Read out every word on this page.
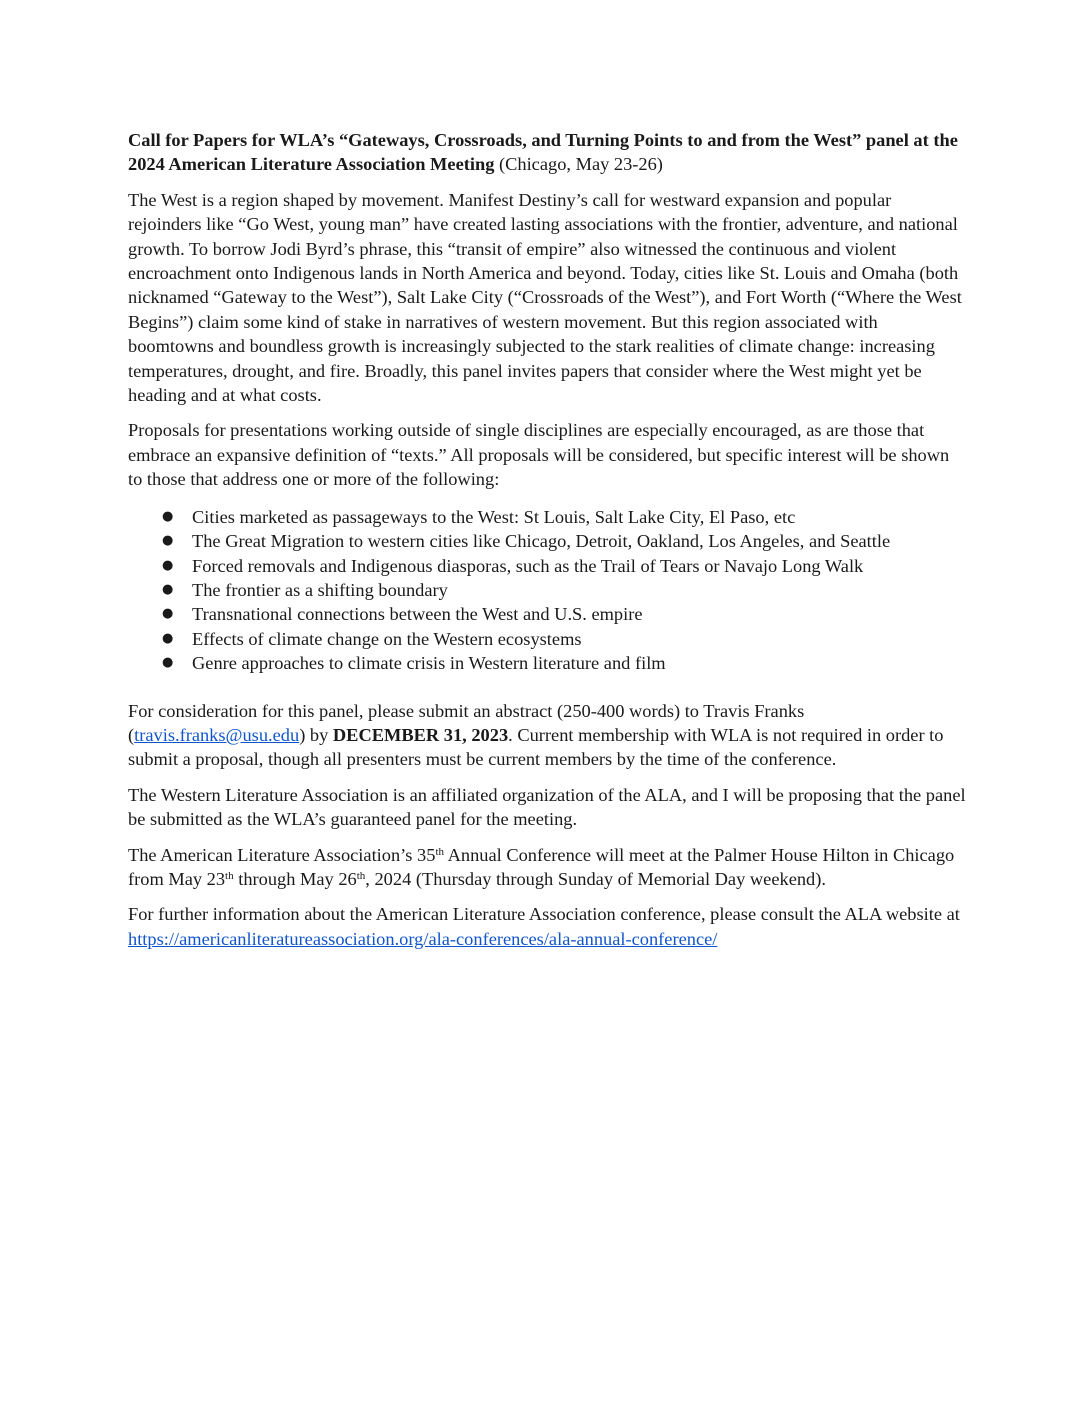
Call for Papers for WLA’s “Gateways, Crossroads, and Turning Points to and from the West” panel at the 2024 American Literature Association Meeting (Chicago, May 23-26)

The West is a region shaped by movement. Manifest Destiny’s call for westward expansion and popular rejoinders like “Go West, young man” have created lasting associations with the frontier, adventure, and national growth. To borrow Jodi Byrd’s phrase, this “transit of empire” also witnessed the continuous and violent encroachment onto Indigenous lands in North America and beyond. Today, cities like St. Louis and Omaha (both nicknamed “Gateway to the West”), Salt Lake City (“Crossroads of the West”), and Fort Worth (“Where the West Begins”) claim some kind of stake in narratives of western movement. But this region associated with boomtowns and boundless growth is increasingly subjected to the stark realities of climate change: increasing temperatures, drought, and fire. Broadly, this panel invites papers that consider where the West might yet be heading and at what costs.

Proposals for presentations working outside of single disciplines are especially encouraged, as are those that embrace an expansive definition of “texts.” All proposals will be considered, but specific interest will be shown to those that address one or more of the following:

● Cities marketed as passageways to the West: St Louis, Salt Lake City, El Paso, etc
● The Great Migration to western cities like Chicago, Detroit, Oakland, Los Angeles, and Seattle
● Forced removals and Indigenous diasporas, such as the Trail of Tears or Navajo Long Walk
● The frontier as a shifting boundary
● Transnational connections between the West and U.S. empire
● Effects of climate change on the Western ecosystems
● Genre approaches to climate crisis in Western literature and film

For consideration for this panel, please submit an abstract (250-400 words) to Travis Franks (travis.franks@usu.edu) by DECEMBER 31, 2023. Current membership with WLA is not required in order to submit a proposal, though all presenters must be current members by the time of the conference.

The Western Literature Association is an affiliated organization of the ALA, and I will be proposing that the panel be submitted as the WLA’s guaranteed panel for the meeting.

The American Literature Association’s 35th Annual Conference will meet at the Palmer House Hilton in Chicago from May 23th through May 26th, 2024 (Thursday through Sunday of Memorial Day weekend).

For further information about the American Literature Association conference, please consult the ALA website at https://americanliteratureassociation.org/ala-conferences/ala-annual-conference/
